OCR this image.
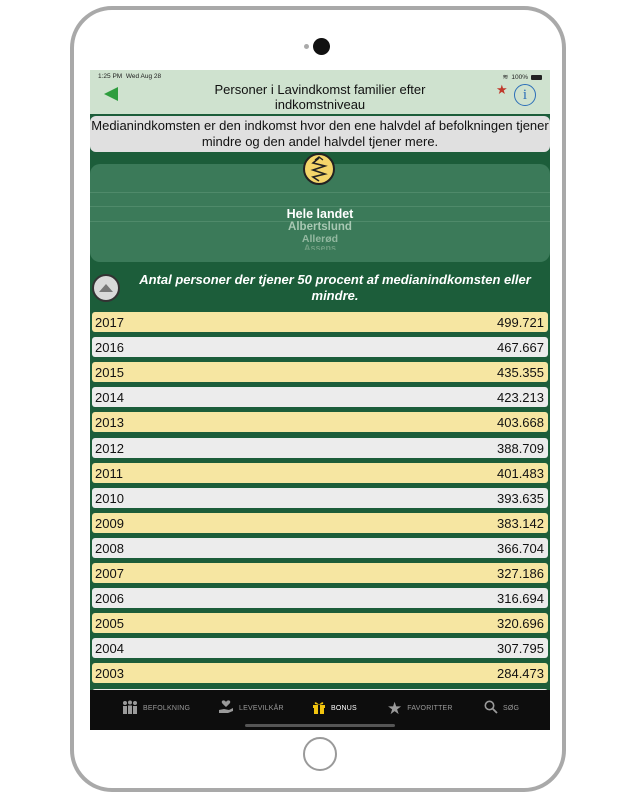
1:25 PM Wed Aug 28	≋ 100%
Personer i Lavindkomst familier efter indkomstniveau
★	i
Medianindkomsten er den indkomst hvor den ene halvdel af befolkningen tjener mindre og den andel halvdel tjener mere.
Hele landet
Albertslund
Allerød
Assens
Antal personer der tjener 50 procent af medianindkomsten eller mindre.
2017	499.721
2016	467.667
2015	435.355
2014	423.213
2013	403.668
2012	388.709
2011	401.483
2010	393.635
2009	383.142
2008	366.704
2007	327.186
2006	316.694
2005	320.696
2004	307.795
2003	284.473
BEFOLKNING	LEVEVILKÅR	BONUS ★ FAVORITTER	SØG
